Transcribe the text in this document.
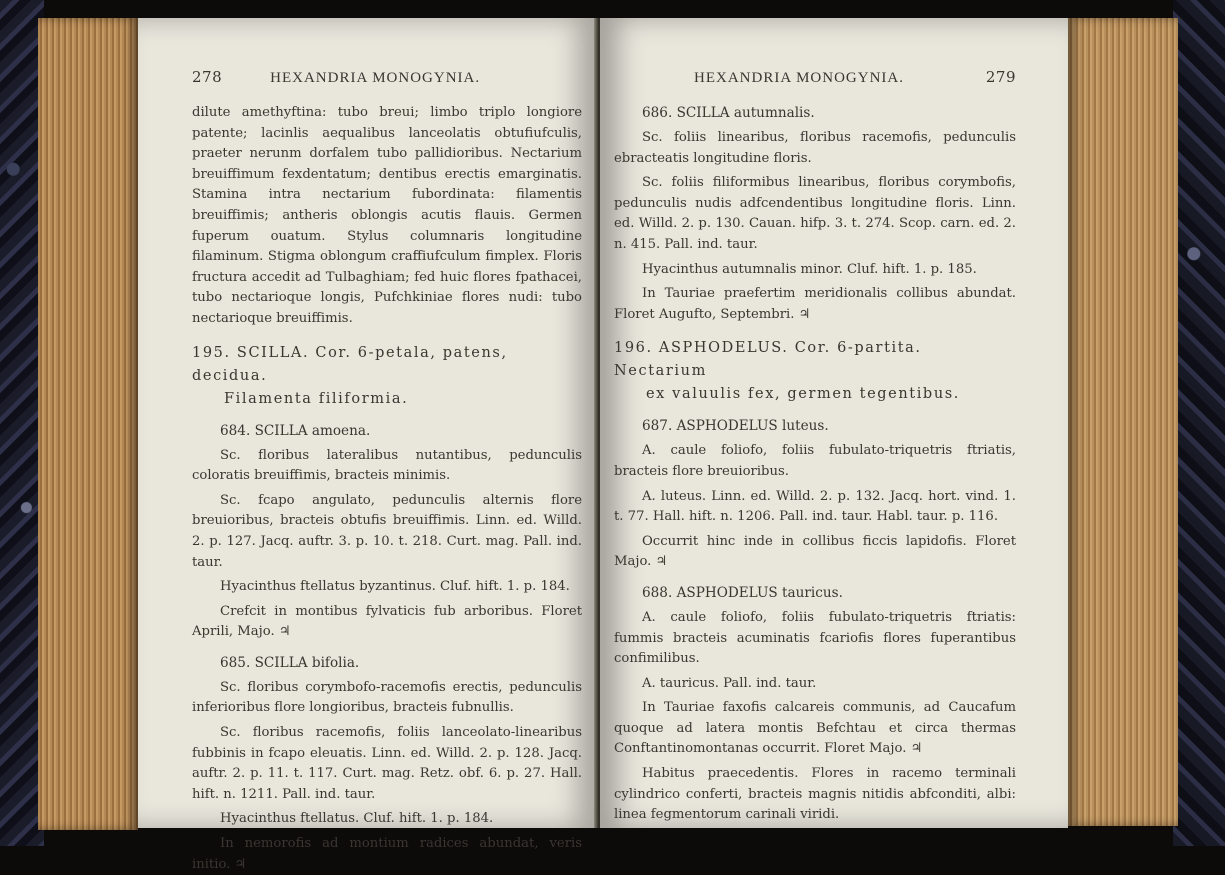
278	HEXANDRIA MONOGYNIA.

dilute amethyftina: tubo breui; limbo triplo longiore patente; lacinlis aequalibus lanceolatis obtufiufculis, praeter nerunm dorfalem tubo pallidioribus. Nectarium breuiffimum fexdentatum; dentibus erectis emarginatis. Stamina intra nectarium fubordinata: filamentis breuiffimis; antheris oblongis acutis flauis. Germen fuperum ouatum. Stylus columnaris longitudine filaminum. Stigma oblongum craffiufculum fimplex. Floris fructura accedit ad Tulbaghiam; fed huic flores fpathacei, tubo nectarioque longis, Pufchkiniae flores nudi: tubo nectarioque breuiffimis.

195. SCILLA. Cor. 6-petala, patens, decidua.
Filamenta filiformia.
684. SCILLA amoena.

Sc. floribus lateralibus nutantibus, pedunculis coloratis breuiffimis, bracteis minimis.

Sc. fcapo angulato, pedunculis alternis flore breuioribus, bracteis obtufis breuiffimis. Linn. ed. Willd. 2. p. 127. Jacq. auftr. 3. p. 10. t. 218. Curt. mag. Pall. ind. taur.

Hyacinthus ftellatus byzantinus. Cluf. hift. 1. p. 184.

Crefcit in montibus fylvaticis fub arboribus. Floret Aprili, Majo. ♃

685. SCILLA bifolia.

Sc. floribus corymbofo-racemofis erectis, pedunculis inferioribus flore longioribus, bracteis fubnullis.

Sc. floribus racemofis, foliis lanceolato-linearibus fubbinis in fcapo eleuatis. Linn. ed. Willd. 2. p. 128. Jacq. auftr. 2. p. 11. t. 117. Curt. mag. Retz. obf. 6. p. 27. Hall. hift. n. 1211. Pall. ind. taur.

Hyacinthus ftellatus. Cluf. hift. 1. p. 184.

In nemorofis ad montium radices abundat, veris initio. ♃

HEXANDRIA MONOGYNIA.	279
686. SCILLA autumnalis.

Sc. foliis linearibus, floribus racemofis, pedunculis ebracteatis longitudine floris.

Sc. foliis filiformibus linearibus, floribus corymbofis, pedunculis nudis adfcendentibus longitudine floris. Linn. ed. Willd. 2. p. 130. Cauan. hifp. 3. t. 274. Scop. carn. ed. 2. n. 415. Pall. ind. taur.

Hyacinthus autumnalis minor. Cluf. hift. 1. p. 185.

In Tauriae praefertim meridionalis collibus abundat. Floret Augufto, Septembri. ♃

196. ASPHODELUS. Cor. 6-partita. Nectarium
ex valuulis fex, germen tegentibus.
687. ASPHODELUS luteus.

A. caule foliofo, foliis fubulato-triquetris ftriatis, bracteis flore breuioribus.

A. luteus. Linn. ed. Willd. 2. p. 132. Jacq. hort. vind. 1. t. 77. Hall. hift. n. 1206. Pall. ind. taur. Habl. taur. p. 116.

Occurrit hinc inde in collibus ficcis lapidofis. Floret Majo. ♃

688. ASPHODELUS tauricus.

A. caule foliofo, foliis fubulato-triquetris ftriatis: fummis bracteis acuminatis fcariofis flores fuperantibus confimilibus.

A. tauricus. Pall. ind. taur.

In Tauriae faxofis calcareis communis, ad Caucafum quoque ad latera montis Befchtau et circa thermas Conftantinomontanas occurrit. Floret Majo. ♃

Habitus praecedentis. Flores in racemo terminali cylindrico conferti, bracteis magnis nitidis abfconditi, albi: linea fegmentorum carinali viridi.
